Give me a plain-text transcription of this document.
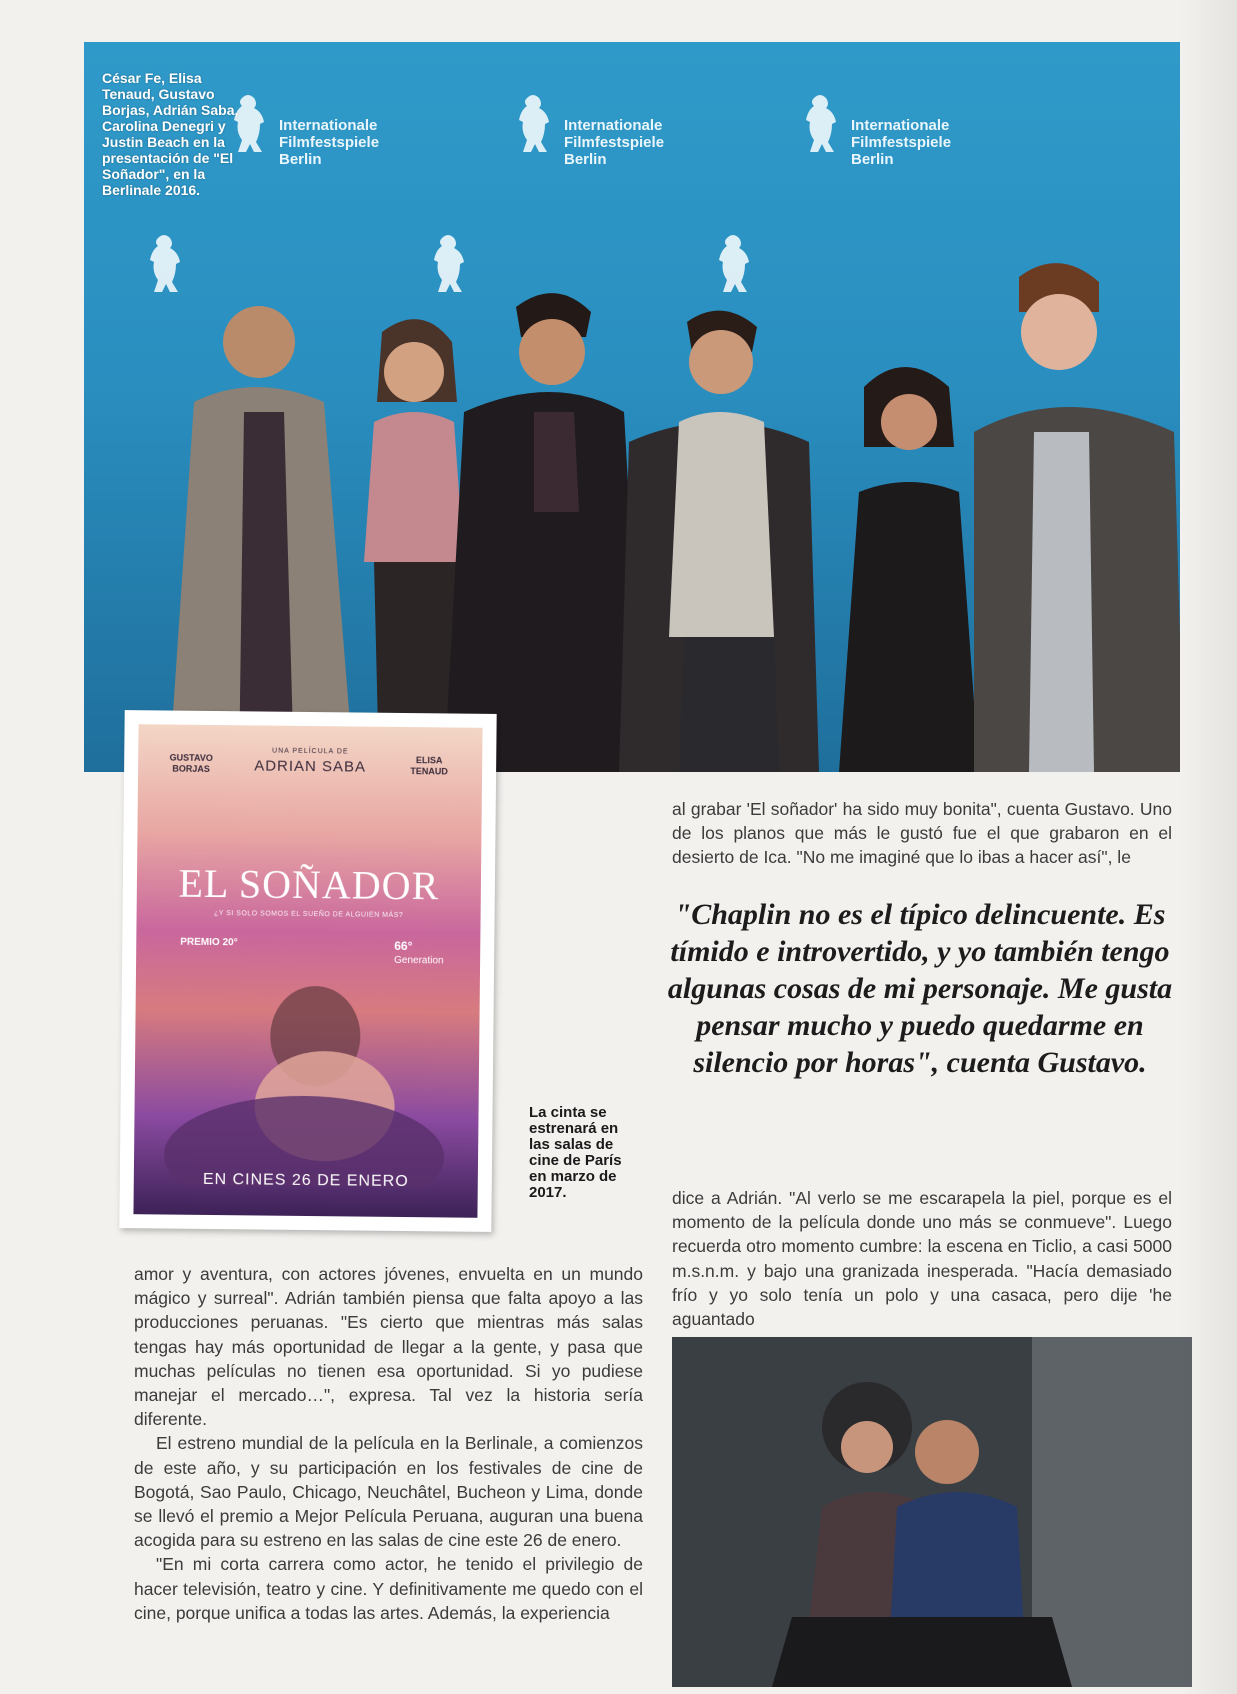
Internationale
Filmfestspiele
Berlin
Internationale
Filmfestspiele
Berlin
Internationale
Filmfestspiele
Berlin
César Fe, Elisa Tenaud, Gustavo Borjas, Adrián Saba, Carolina Denegri y Justin Beach en la presentación de "El Soñador", en la Berlinale 2016.
GUSTAVO
BORJAS
UNA PELÍCULA DE
ADRIAN SABA	ELISA
TENAUD
EL SOÑADOR
¿Y SI SOLO SOMOS EL SUEÑO DE ALGUIEN MÁS?
PREMIO 20°	66°
Generation
EN CINES 26 DE ENERO
La cinta se estrenará en las salas de cine de París en marzo de 2017.

al grabar 'El soñador' ha sido muy bonita", cuenta Gustavo. Uno de los planos que más le gustó fue el que grabaron en el desierto de Ica. "No me imaginé que lo ibas a hacer así", le

"Chaplin no es el típico delincuente. Es tímido e introvertido, y yo también tengo algunas cosas de mi personaje. Me gusta pensar mucho y puedo quedarme en silencio por horas", cuenta Gustavo.

dice a Adrián. "Al verlo se me escarapela la piel, porque es el momento de la película donde uno más se conmueve". Luego recuerda otro momento cumbre: la escena en Ticlio, a casi 5000 m.s.n.m. y bajo una granizada inesperada. "Hacía demasiado frío y yo solo tenía un polo y una casaca, pero dije 'he aguantado

amor y aventura, con actores jóvenes, envuelta en un mundo mágico y surreal". Adrián también piensa que falta apoyo a las producciones peruanas. "Es cierto que mientras más salas tengas hay más oportunidad de llegar a la gente, y pasa que muchas películas no tienen esa oportunidad. Si yo pudiese manejar el mercado…", expresa. Tal vez la historia sería diferente.

El estreno mundial de la película en la Berlinale, a comienzos de este año, y su participación en los festivales de cine de Bogotá, Sao Paulo, Chicago, Neuchâtel, Bucheon y Lima, donde se llevó el premio a Mejor Película Peruana, auguran una buena acogida para su estreno en las salas de cine este 26 de enero.

"En mi corta carrera como actor, he tenido el privilegio de hacer televisión, teatro y cine. Y definitivamente me quedo con el cine, porque unifica a todas las artes. Además, la experiencia
